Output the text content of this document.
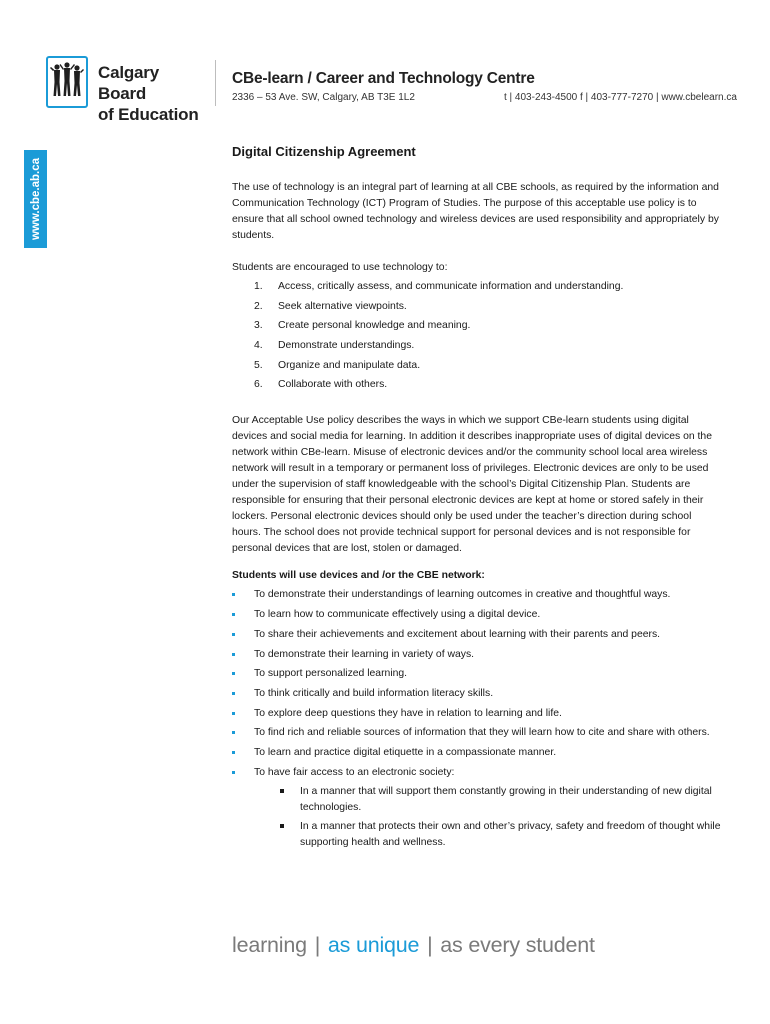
Calgary Board
of Education
CBe-learn / Career and Technology Centre
2336 – 53 Ave. SW, Calgary, AB T3E 1L2	t | 403-243-4500 f | 403-777-7270 | www.cbelearn.ca
www.cbe.ab.ca
Digital Citizenship Agreement

The use of technology is an integral part of learning at all CBE schools, as required by the information and Communication Technology (ICT) Program of Studies. The purpose of this acceptable use policy is to ensure that all school owned technology and wireless devices are used responsibility and appropriately by students.

Students are encouraged to use technology to:

1. Access, critically assess, and communicate information and understanding.
2. Seek alternative viewpoints.
3. Create personal knowledge and meaning.
4. Demonstrate understandings.
5. Organize and manipulate data.
6. Collaborate with others.

Our Acceptable Use policy describes the ways in which we support CBe-learn students using digital devices and social media for learning. In addition it describes inappropriate uses of digital devices on the network within CBe-learn. Misuse of electronic devices and/or the community school local area wireless network will result in a temporary or permanent loss of privileges. Electronic devices are only to be used under the supervision of staff knowledgeable with the school’s Digital Citizenship Plan. Students are responsible for ensuring that their personal electronic devices are kept at home or stored safely in their lockers. Personal electronic devices should only be used under the teacher’s direction during school hours. The school does not provide technical support for personal devices and is not responsible for personal devices that are lost, stolen or damaged.

Students will use devices and /or the CBE network:

To demonstrate their understandings of learning outcomes in creative and thoughtful ways.
To learn how to communicate effectively using a digital device.
To share their achievements and excitement about learning with their parents and peers.
To demonstrate their learning in variety of ways.
To support personalized learning.
To think critically and build information literacy skills.
To explore deep questions they have in relation to learning and life.
To find rich and reliable sources of information that they will learn how to cite and share with others.
To learn and practice digital etiquette in a compassionate manner.
To have fair access to an electronic society:
In a manner that will support them constantly growing in their understanding of new digital technologies.
In a manner that protects their own and other’s privacy, safety and freedom of thought while supporting health and wellness.
learning | as unique | as every student
